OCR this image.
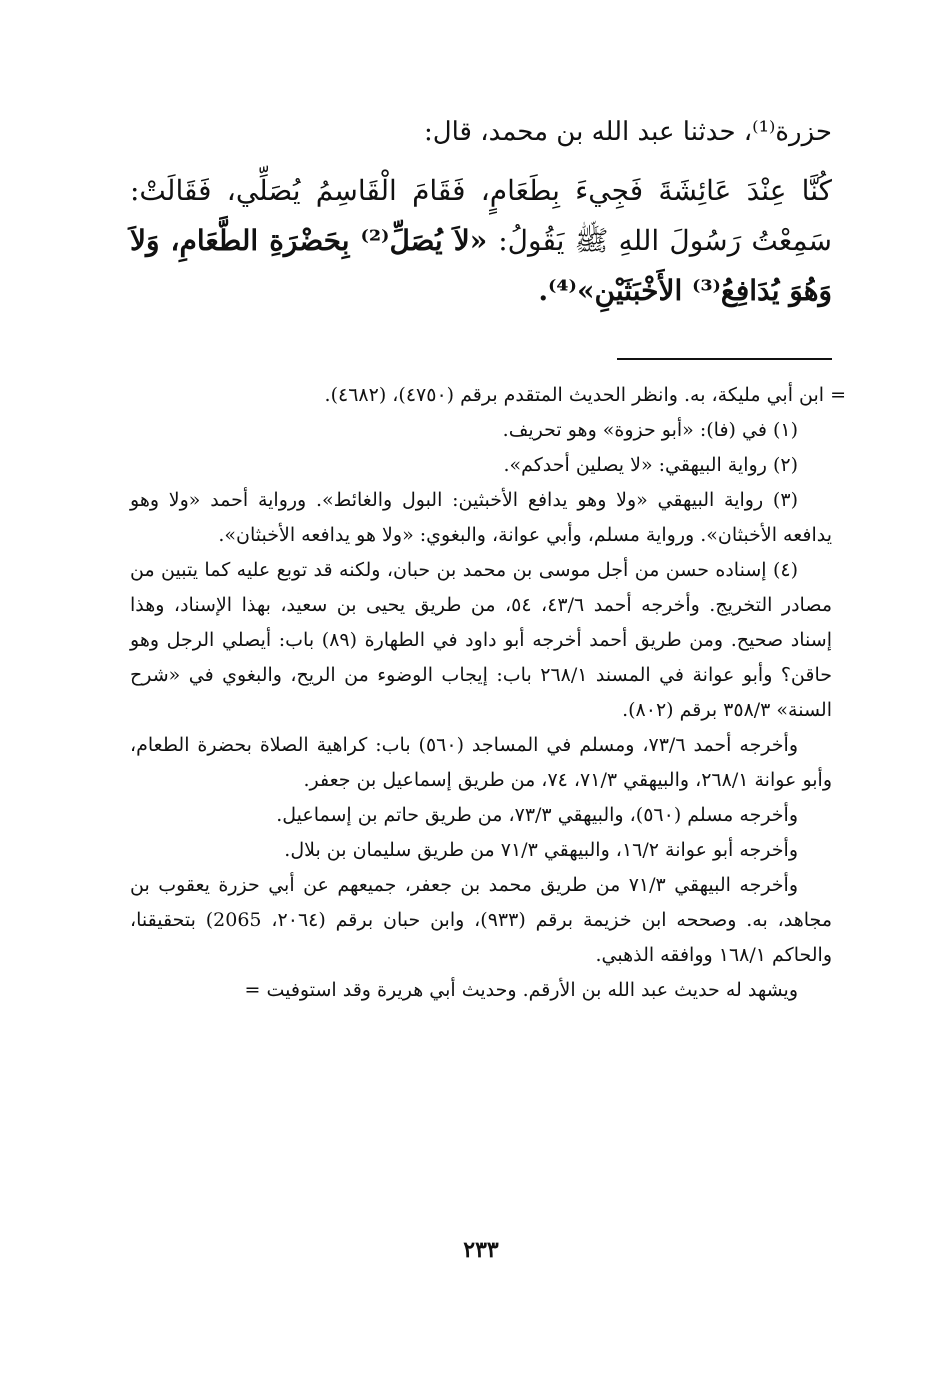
حزرة⁽¹⁾، حدثنا عبد الله بن محمد، قال:

كُنَّا عِنْدَ عَائِشَةَ فَجِيءَ بِطَعَامٍ، فَقَامَ الْقَاسِمُ يُصَلِّي، فَقَالَتْ: سَمِعْتُ رَسُولَ اللهِ ﷺ يَقُولُ: «لاَ يُصَلِّ⁽²⁾ بِحَضْرَةِ الطَّعَامِ، وَلاَ وَهُوَ يُدَافِعُ⁽³⁾ الأَخْبَثَيْنِ»⁽⁴⁾.

= ابن أبي مليكة، به. وانظر الحديث المتقدم برقم (٤٧٥٠)، (٤٦٨٢).

(١) في (فا): «أبو حزوة» وهو تحريف.

(٢) رواية البيهقي: «لا يصلين أحدكم».

(٣) رواية البيهقي «ولا وهو يدافع الأخبثين: البول والغائط». ورواية أحمد «ولا وهو يدافعه الأخبثان». ورواية مسلم، وأبي عوانة، والبغوي: «ولا هو يدافعه الأخبثان».

(٤) إسناده حسن من أجل موسى بن محمد بن حبان، ولكنه قد توبع عليه كما يتبين من مصادر التخريج. وأخرجه أحمد ٤٣/٦، ٥٤، من طريق يحيى بن سعيد، بهذا الإسناد، وهذا إسناد صحيح. ومن طريق أحمد أخرجه أبو داود في الطهارة (٨٩) باب: أيصلي الرجل وهو حاقن؟ وأبو عوانة في المسند ٢٦٨/١ باب: إيجاب الوضوء من الريح، والبغوي في «شرح السنة» ٣٥٨/٣ برقم (٨٠٢).

وأخرجه أحمد ٧٣/٦، ومسلم في المساجد (٥٦٠) باب: كراهية الصلاة بحضرة الطعام، وأبو عوانة ٢٦٨/١، والبيهقي ٧١/٣، ٧٤، من طريق إسماعيل بن جعفر.

وأخرجه مسلم (٥٦٠)، والبيهقي ٧٣/٣، من طريق حاتم بن إسماعيل.

وأخرجه أبو عوانة ١٦/٢، والبيهقي ٧١/٣ من طريق سليمان بن بلال.

وأخرجه البيهقي ٧١/٣ من طريق محمد بن جعفر، جميعهم عن أبي حزرة يعقوب بن مجاهد، به. وصححه ابن خزيمة برقم (٩٣٣)، وابن حبان برقم (٢٠٦٤، 2065) بتحقيقنا، والحاكم ١٦٨/١ ووافقه الذهبي.

ويشهد له حديث عبد الله بن الأرقم. وحديث أبي هريرة وقد استوفيت =

٢٣٣
